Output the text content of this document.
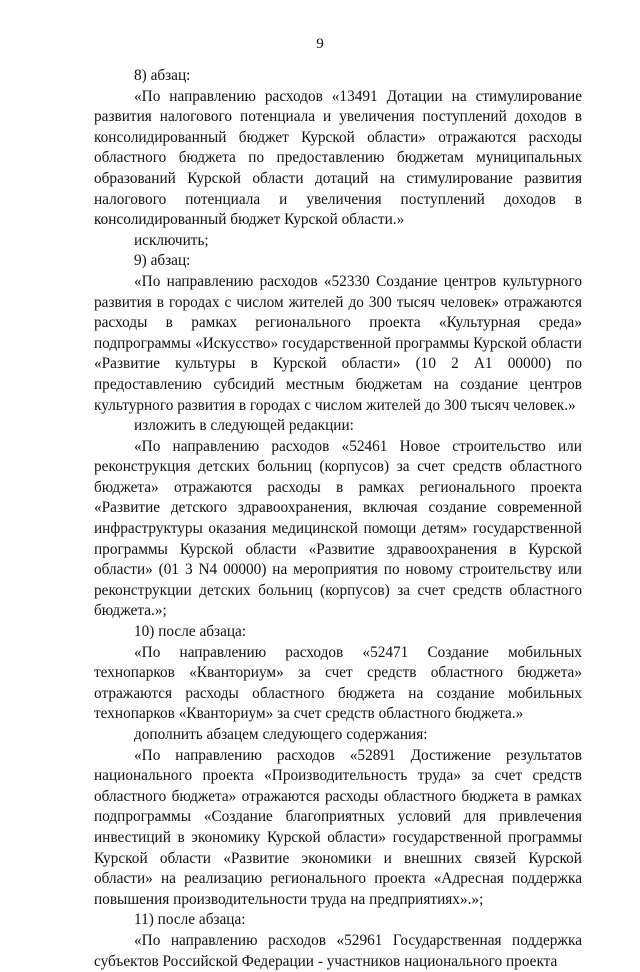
9

8) абзац:

«По направлению расходов «13491 Дотации на стимулирование развития налогового потенциала и увеличения поступлений доходов в консолидированный бюджет Курской области» отражаются расходы областного бюджета по предоставлению бюджетам муниципальных образований Курской области дотаций на стимулирование развития налогового потенциала и увеличения поступлений доходов в консолидированный бюджет Курской области.»

исключить;

9) абзац:

«По направлению расходов «52330 Создание центров культурного развития в городах с числом жителей до 300 тысяч человек» отражаются расходы в рамках регионального проекта «Культурная среда» подпрограммы «Искусство» государственной программы Курской области «Развитие культуры в Курской области» (10 2 A1 00000) по предоставлению субсидий местным бюджетам на создание центров культурного развития в городах с числом жителей до 300 тысяч человек.»

изложить в следующей редакции:

«По направлению расходов «52461 Новое строительство или реконструкция детских больниц (корпусов) за счет средств областного бюджета» отражаются расходы в рамках регионального проекта «Развитие детского здравоохранения, включая создание современной инфраструктуры оказания медицинской помощи детям» государственной программы Курской области «Развитие здравоохранения в Курской области» (01 3 N4 00000) на мероприятия по новому строительству или реконструкции детских больниц (корпусов) за счет средств областного бюджета.»;

10) после абзаца:

«По направлению расходов «52471 Создание мобильных технопарков «Кванториум» за счет средств областного бюджета» отражаются расходы областного бюджета на создание мобильных технопарков «Кванториум» за счет средств областного бюджета.»

дополнить абзацем следующего содержания:

«По направлению расходов «52891 Достижение результатов национального проекта «Производительность труда» за счет средств областного бюджета» отражаются расходы областного бюджета в рамках подпрограммы «Создание благоприятных условий для привлечения инвестиций в экономику Курской области» государственной программы Курской области «Развитие экономики и внешних связей Курской области» на реализацию регионального проекта «Адресная поддержка повышения производительности труда на предприятиях».»;

11) после абзаца:

«По направлению расходов «52961 Государственная поддержка субъектов Российской Федерации - участников национального проекта
